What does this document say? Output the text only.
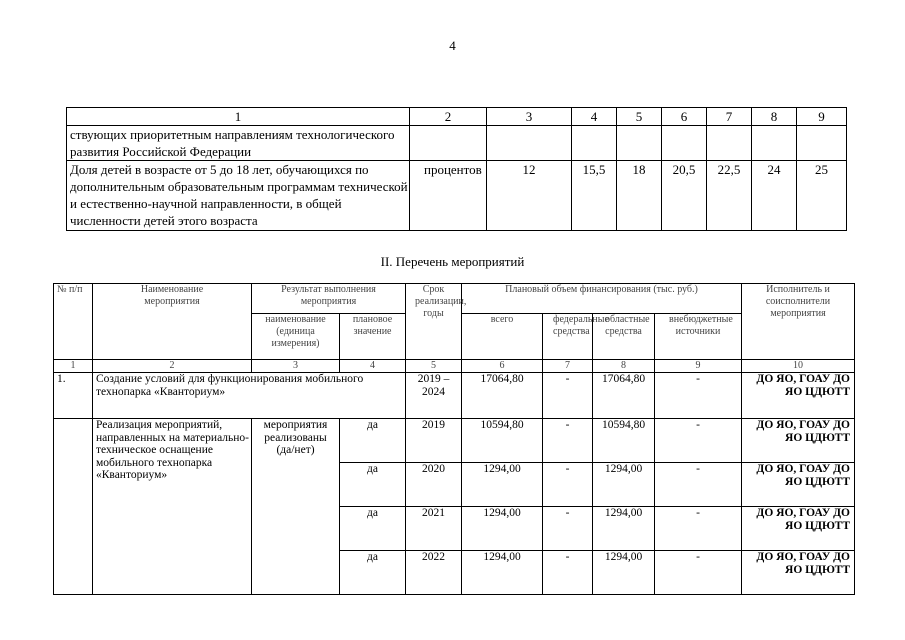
4
1	2	3	4	5	6	7	8	9
ствующих приоритетным направлениям технологического развития Российской Федерации								
Доля детей в возрасте от 5 до 18 лет, обучающихся по дополнительным образовательным программам технической и естественно-научной направленности, в общей численности детей этого возраста	процентов	12	15,5	18	20,5	22,5	24	25
II. Перечень мероприятий
№ п/п	Наименование мероприятия	Результат выполнения мероприятия		Срок реализации, годы	Плановый объем финансирования (тыс. руб.)				Исполнитель и соисполнители мероприятия
		наименование (единица измерения)	плановое значение		всего	федеральные средства	областные средства	внебюджетные источники	
1	2	3	4	5	6	7	8	9	10
1.	Создание условий для функционирования мобильного технопарка «Кванториум»			2019 – 2024	17064,80	-	17064,80	-	ДО ЯО, ГОАУ ДО ЯО ЦДЮТТ
	Реализация мероприятий, направленных на материально-техническое оснащение мобильного технопарка «Кванториум»	мероприятия реализованы (да/нет)	да	2019	10594,80	-	10594,80	-	ДО ЯО, ГОАУ ДО ЯО ЦДЮТТ
			да	2020	1294,00	-	1294,00	-	ДО ЯО, ГОАУ ДО ЯО ЦДЮТТ
			да	2021	1294,00	-	1294,00	-	ДО ЯО, ГОАУ ДО ЯО ЦДЮТТ
			да	2022	1294,00	-	1294,00	-	ДО ЯО, ГОАУ ДО ЯО ЦДЮТТ
